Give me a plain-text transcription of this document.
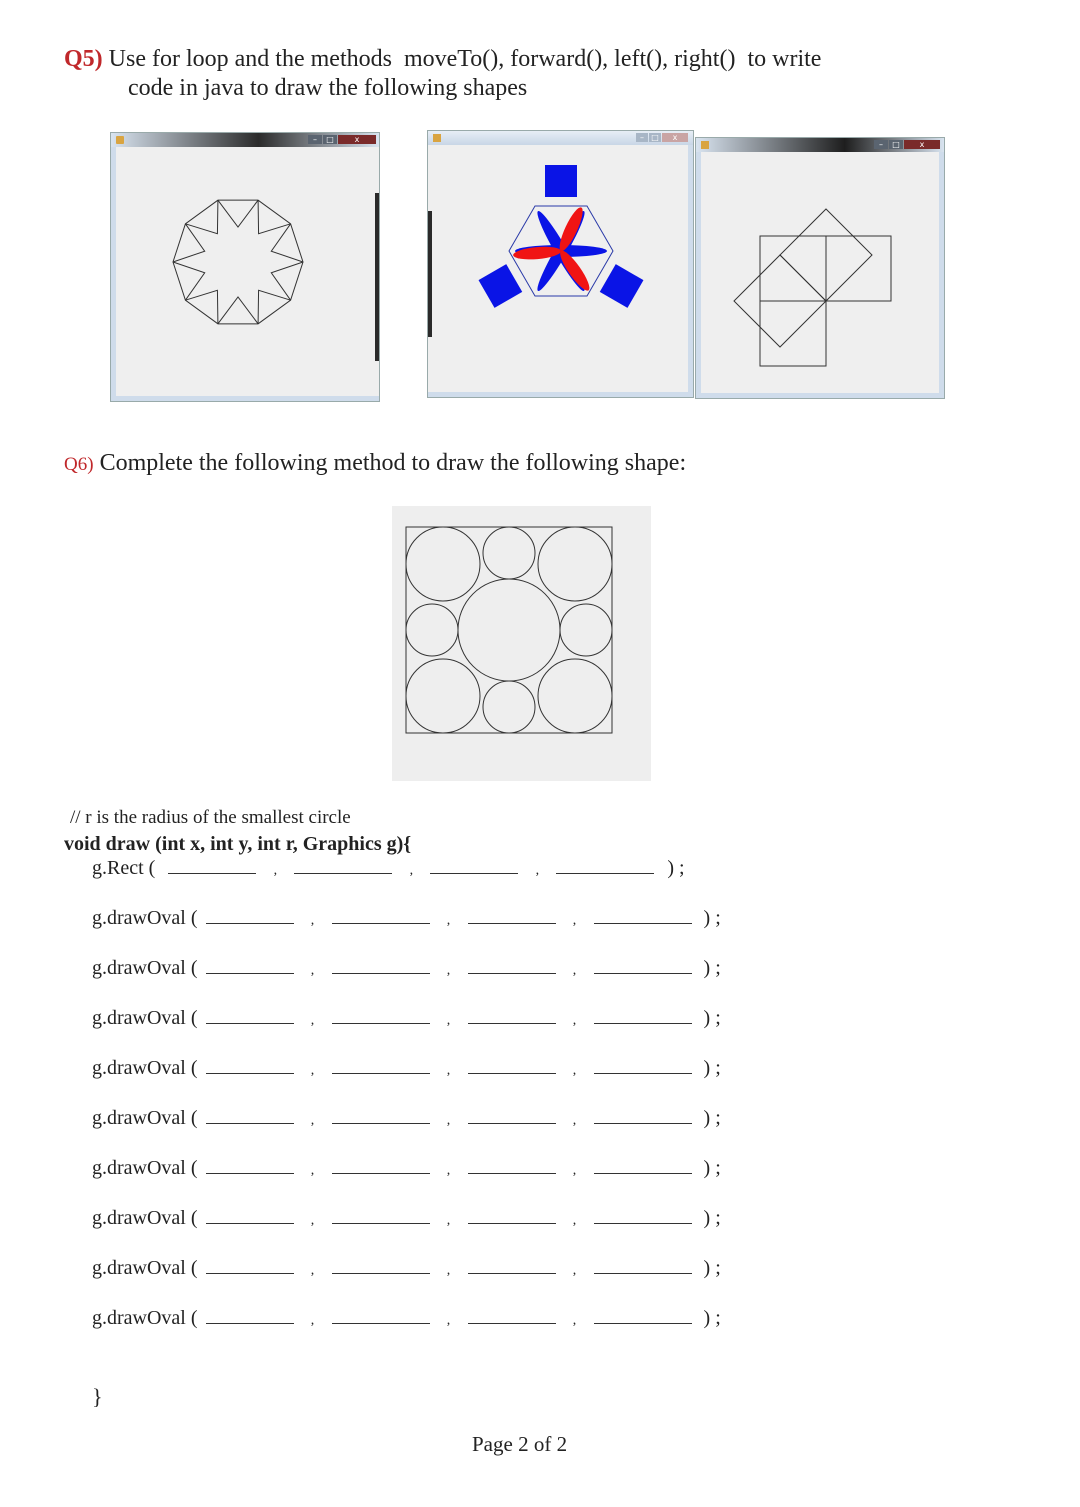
Q5) Use for loop and the methods  moveTo(), forward(), left(), right()  to write
code in java to draw the following shapes
–	□	x	– □	x
–	□	x
Q6) Complete the following method to draw the following shape:
// r is the radius of the smallest circle
void draw (int x, int y, int r, Graphics g){
g.Rect (	,	,	,	) ;
g.drawOval (	,	,	,	) ;
g.drawOval (	,	,	,	) ;
g.drawOval (	,	,	,	) ;
g.drawOval (	,	,	,	) ;
g.drawOval (	,	,	,	) ;
g.drawOval (	,	,	,	) ;
g.drawOval (	,	,	,	) ;
g.drawOval (	,	,	,	) ;
g.drawOval (	,	,	,	) ;
}
Page 2 of 2
